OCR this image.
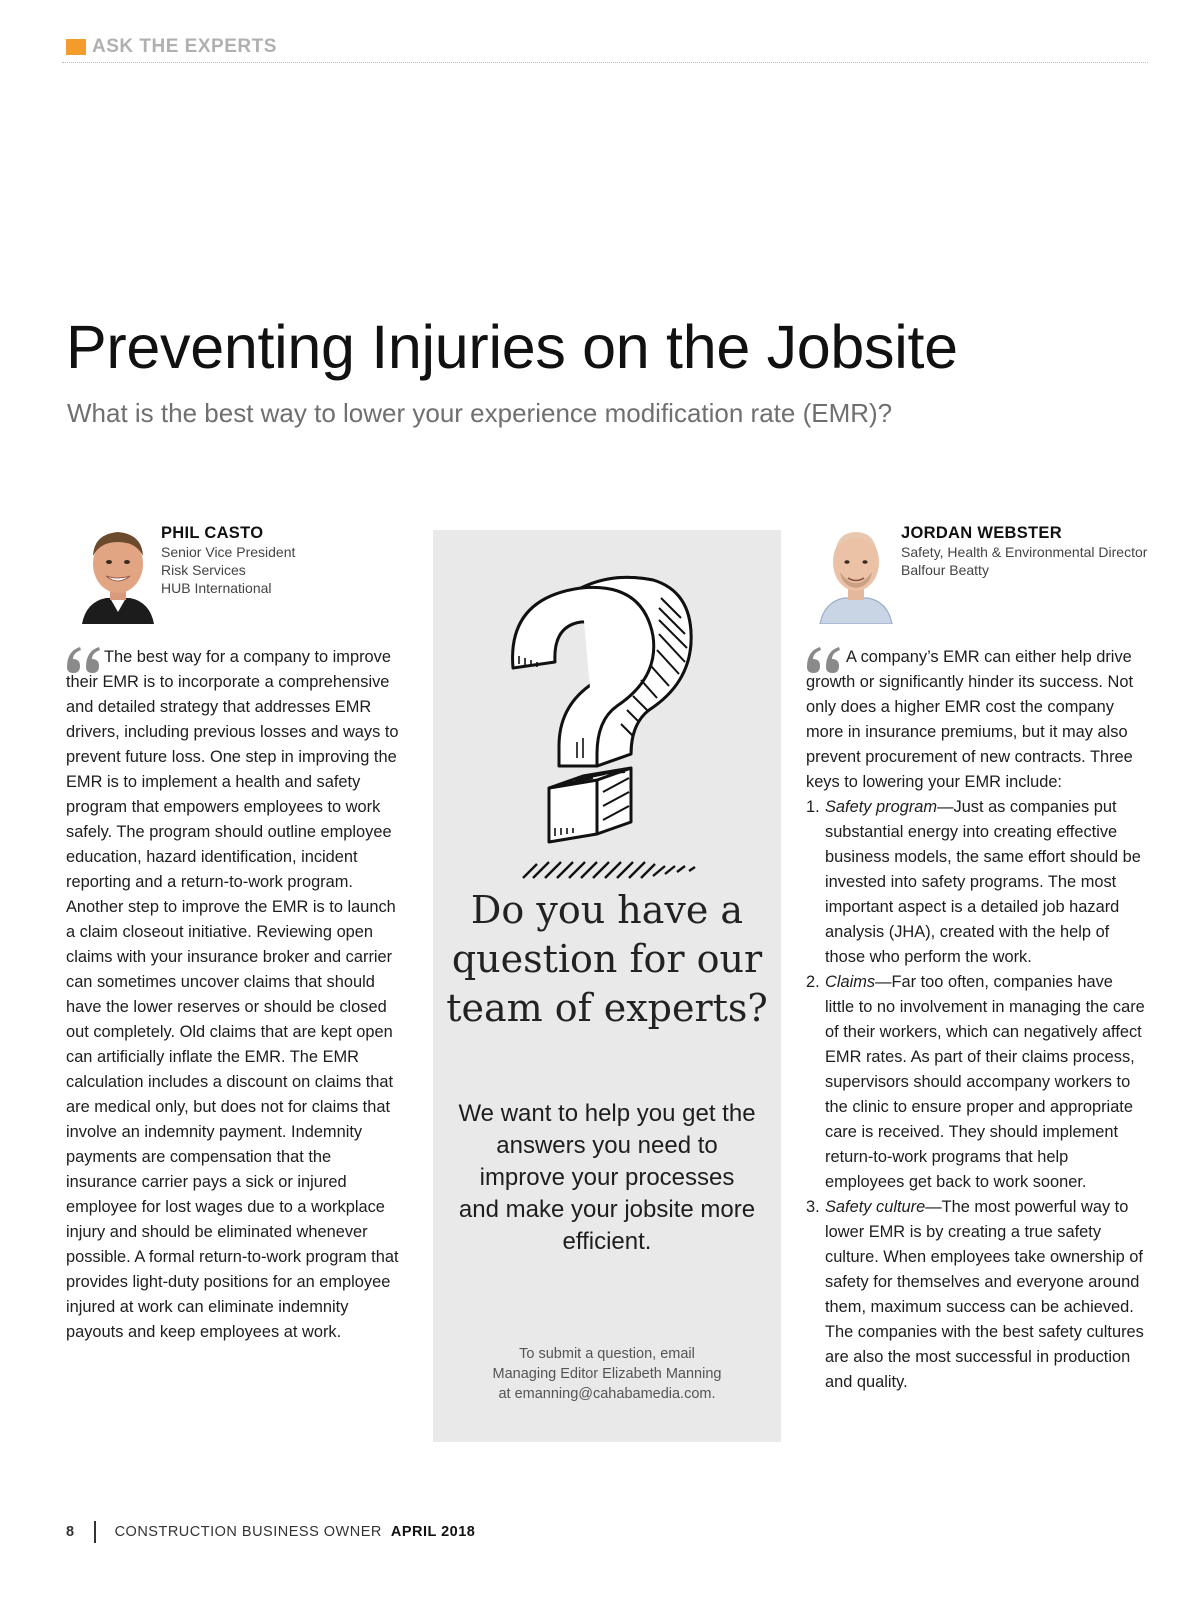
ASK THE EXPERTS
Preventing Injuries on the Jobsite

What is the best way to lower your experience modification rate (EMR)?

PHIL CASTO
Senior Vice President
Risk Services
HUB International
JORDAN WEBSTER
Safety, Health & Environmental Director
Balfour Beatty

The best way for a company to improve their EMR is to incorporate a comprehensive and detailed strategy that addresses EMR drivers, including previous losses and ways to prevent future loss. One step in improving the EMR is to implement a health and safety program that empowers employees to work safely. The program should outline employee education, hazard identification, incident reporting and a return-to-work program. Another step to improve the EMR is to launch a claim closeout initiative. Reviewing open claims with your insurance broker and carrier can sometimes uncover claims that should have the lower reserves or should be closed out completely. Old claims that are kept open can artificially inflate the EMR. The EMR calculation includes a discount on claims that are medical only, but does not for claims that involve an indemnity payment. Indemnity payments are compensation that the insurance carrier pays a sick or injured employee for lost wages due to a workplace injury and should be eliminated whenever possible. A formal return-to-work program that provides light-duty positions for an employee injured at work can eliminate indemnity payouts and keep employees at work.

Do you have a question for our team of experts?
We want to help you get the answers you need to improve your processes and make your jobsite more efficient.
To submit a question, email
Managing Editor Elizabeth Manning
at emanning@cahabamedia.com.

A company’s EMR can either help drive growth or significantly hinder its success. Not only does a higher EMR cost the company more in insurance premiums, but it may also prevent procurement of new contracts. Three keys to lowering your EMR include:

1. Safety program—Just as companies put substantial energy into creating effective business models, the same effort should be invested into safety programs. The most important aspect is a detailed job hazard analysis (JHA), created with the help of those who perform the work.
2. Claims—Far too often, companies have little to no involvement in managing the care of their workers, which can negatively affect EMR rates. As part of their claims process, supervisors should accompany workers to the clinic to ensure proper and appropriate care is received. They should implement return-to-work programs that help employees get back to work sooner.
3. Safety culture—The most powerful way to lower EMR is by creating a true safety culture. When employees take ownership of safety for themselves and everyone around them, maximum success can be achieved. The companies with the best safety cultures are also the most successful in production and quality.
8	CONSTRUCTION BUSINESS OWNER APRIL 2018
